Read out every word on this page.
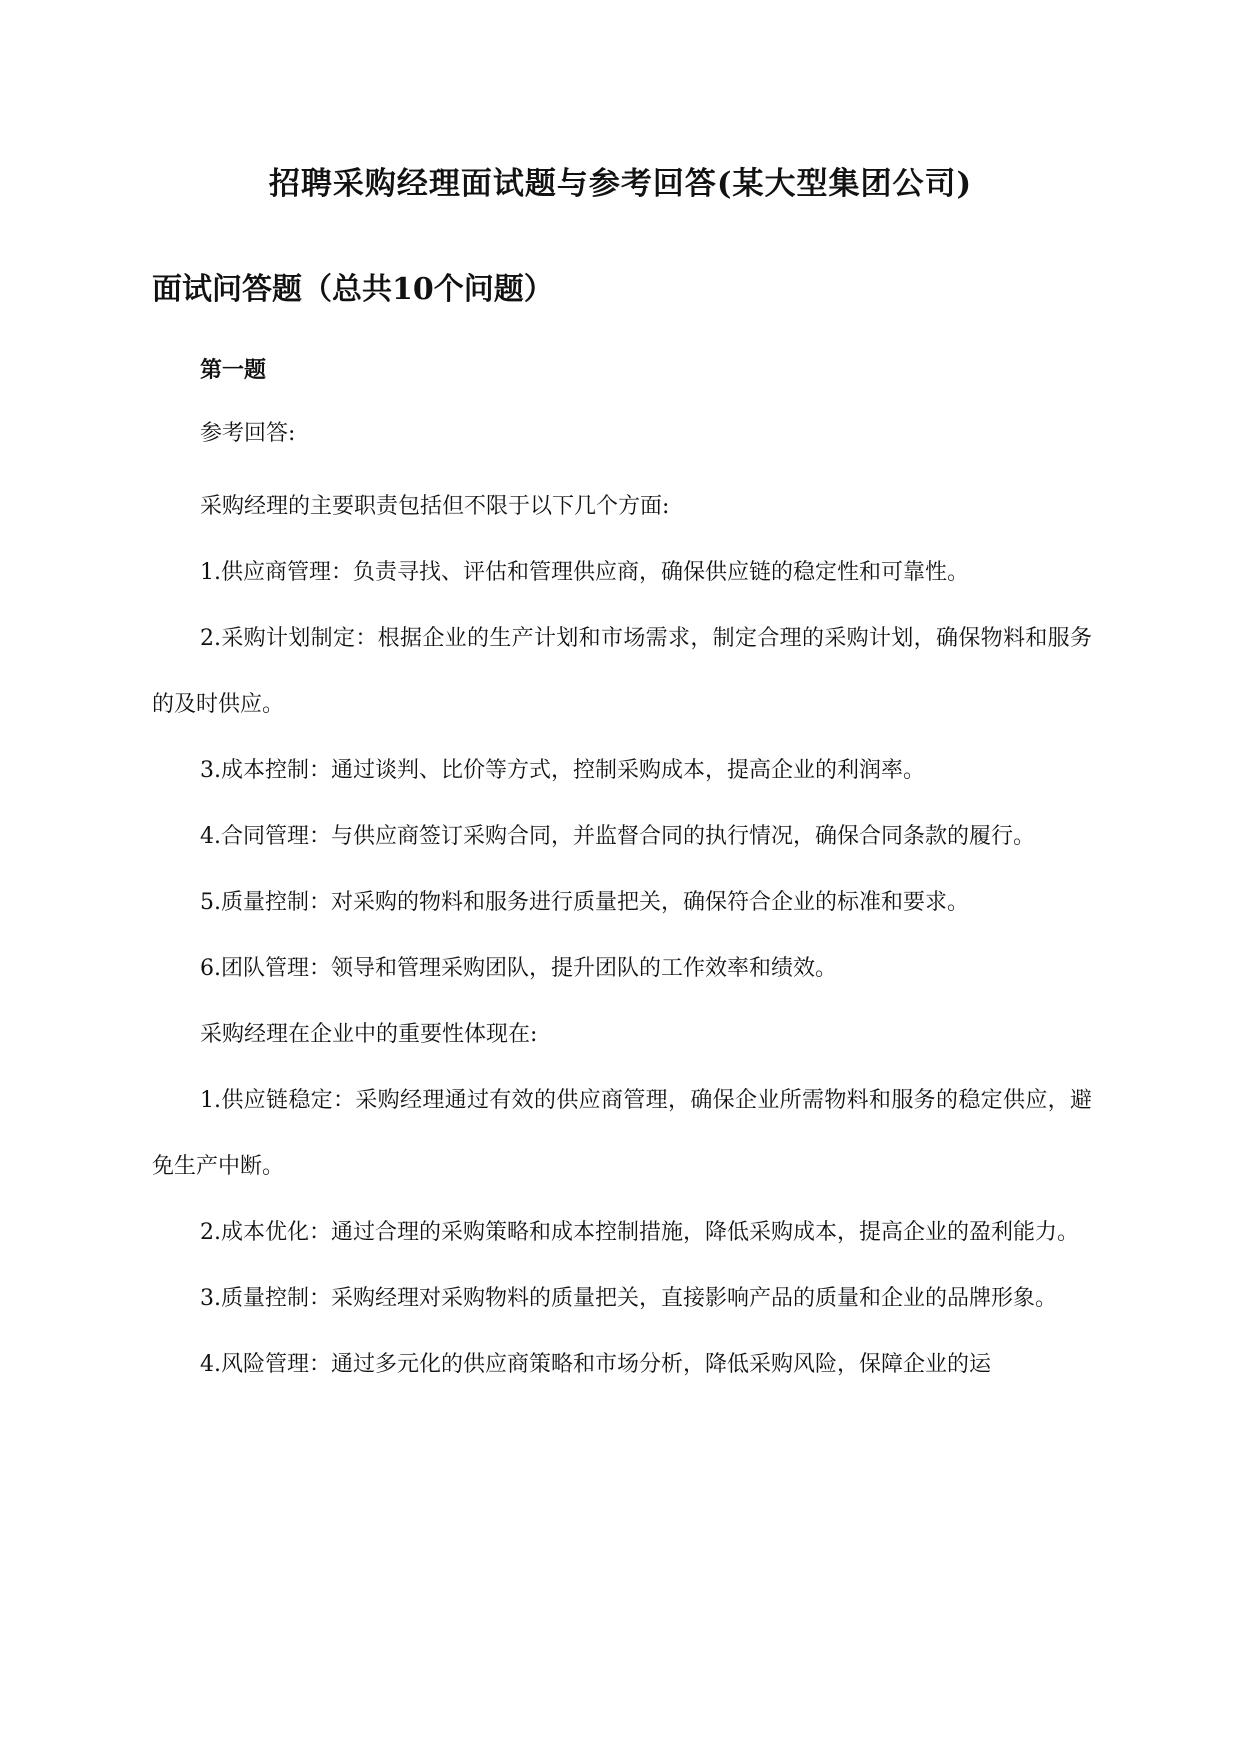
招聘采购经理面试题与参考回答(某大型集团公司)
面试问答题（总共10个问题）
第一题

参考回答:

采购经理的主要职责包括但不限于以下几个方面:

1.供应商管理：负责寻找、评估和管理供应商，确保供应链的稳定性和可靠性。

2.采购计划制定：根据企业的生产计划和市场需求，制定合理的采购计划，确保物料和服务的及时供应。

3.成本控制：通过谈判、比价等方式，控制采购成本，提高企业的利润率。

4.合同管理：与供应商签订采购合同，并监督合同的执行情况，确保合同条款的履行。

5.质量控制：对采购的物料和服务进行质量把关，确保符合企业的标准和要求。

6.团队管理：领导和管理采购团队，提升团队的工作效率和绩效。

采购经理在企业中的重要性体现在:

1.供应链稳定：采购经理通过有效的供应商管理，确保企业所需物料和服务的稳定供应，避免生产中断。

2.成本优化：通过合理的采购策略和成本控制措施，降低采购成本，提高企业的盈利能力。

3.质量控制：采购经理对采购物料的质量把关，直接影响产品的质量和企业的品牌形象。

4.风险管理：通过多元化的供应商策略和市场分析，降低采购风险，保障企业的运
